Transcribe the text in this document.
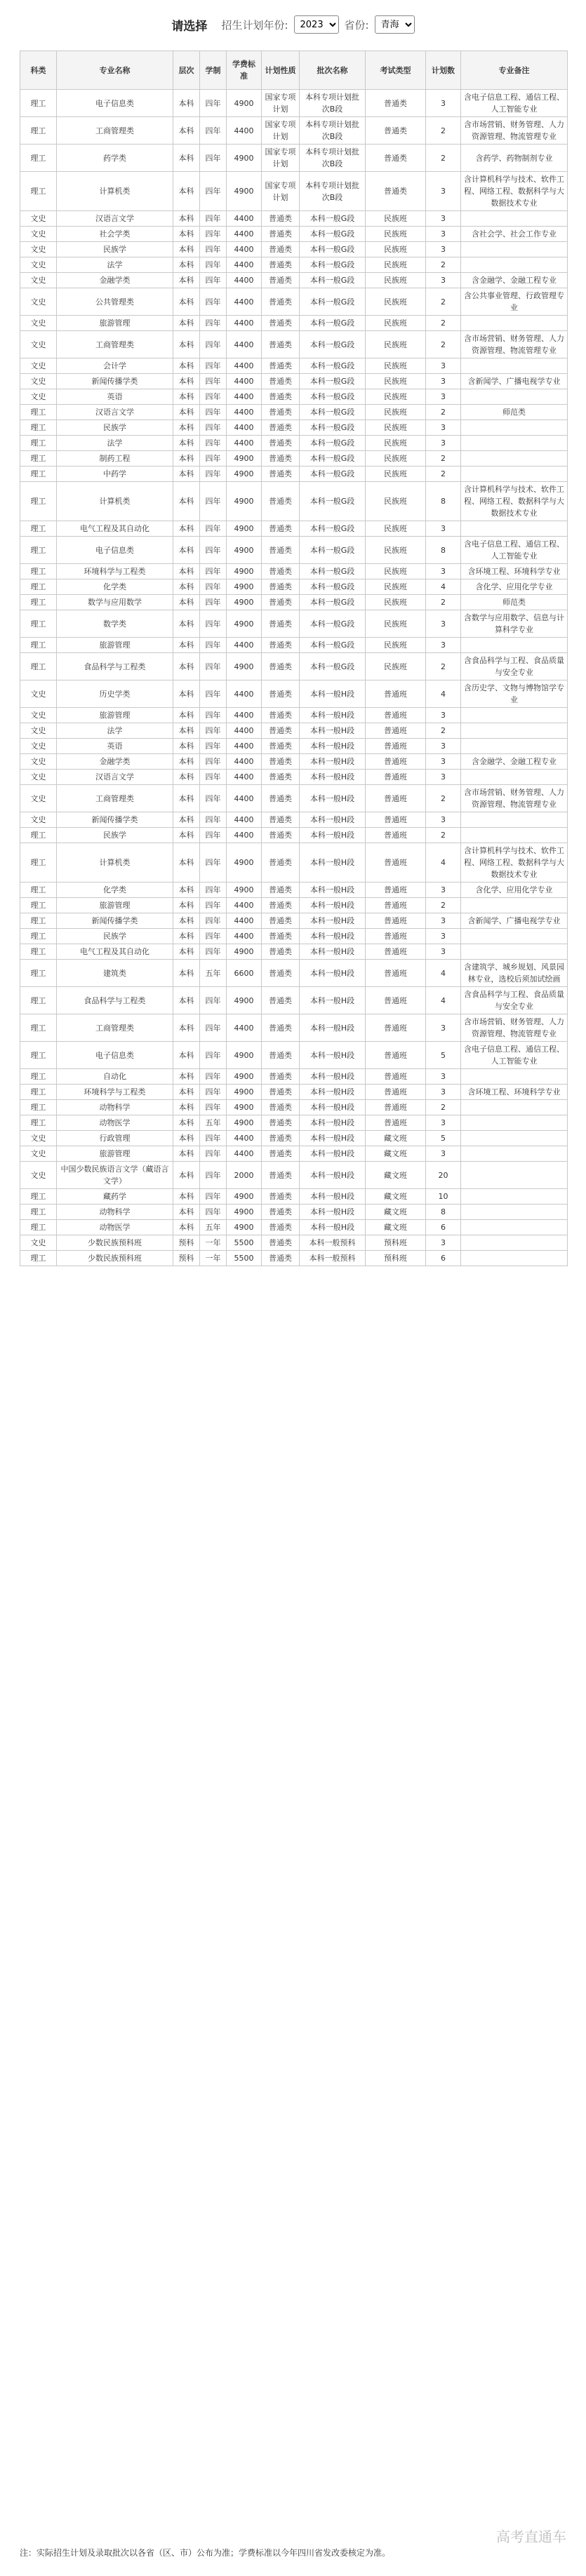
请选择 招生计划年份:
2023	省份:
青海
科类	专业名称	层次	学制	学费标准	计划性质	批次名称	考试类型	计划数	专业备注
理工	电子信息类	本科	四年	4900	国家专项计划	本科专项计划批次B段	普通类	3	含电子信息工程、通信工程、人工智能专业
理工	工商管理类	本科	四年	4400	国家专项计划	本科专项计划批次B段	普通类	2	含市场营销、财务管理、人力资源管理、物流管理专业
理工	药学类	本科	四年	4900	国家专项计划	本科专项计划批次B段	普通类	2	含药学、药物制剂专业
理工	计算机类	本科	四年	4900	国家专项计划	本科专项计划批次B段	普通类	3	含计算机科学与技术、软件工程、网络工程、数据科学与大数据技术专业
文史	汉语言文学	本科	四年	4400	普通类	本科一般G段	民族班	3	
文史	社会学类	本科	四年	4400	普通类	本科一般G段	民族班	3	含社会学、社会工作专业
文史	民族学	本科	四年	4400	普通类	本科一般G段	民族班	3	
文史	法学	本科	四年	4400	普通类	本科一般G段	民族班	2	
文史	金融学类	本科	四年	4400	普通类	本科一般G段	民族班	3	含金融学、金融工程专业
文史	公共管理类	本科	四年	4400	普通类	本科一般G段	民族班	2	含公共事业管理、行政管理专业
文史	旅游管理	本科	四年	4400	普通类	本科一般G段	民族班	2	
文史	工商管理类	本科	四年	4400	普通类	本科一般G段	民族班	2	含市场营销、财务管理、人力资源管理、物流管理专业
文史	会计学	本科	四年	4400	普通类	本科一般G段	民族班	3	
文史	新闻传播学类	本科	四年	4400	普通类	本科一般G段	民族班	3	含新闻学、广播电视学专业
文史	英语	本科	四年	4400	普通类	本科一般G段	民族班	3	
理工	汉语言文学	本科	四年	4400	普通类	本科一般G段	民族班	2	师范类
理工	民族学	本科	四年	4400	普通类	本科一般G段	民族班	3	
理工	法学	本科	四年	4400	普通类	本科一般G段	民族班	3	
理工	制药工程	本科	四年	4900	普通类	本科一般G段	民族班	2	
理工	中药学	本科	四年	4900	普通类	本科一般G段	民族班	2	
理工	计算机类	本科	四年	4900	普通类	本科一般G段	民族班	8	含计算机科学与技术、软件工程、网络工程、数据科学与大数据技术专业
理工	电气工程及其自动化	本科	四年	4900	普通类	本科一般G段	民族班	3	
理工	电子信息类	本科	四年	4900	普通类	本科一般G段	民族班	8	含电子信息工程、通信工程、人工智能专业
理工	环境科学与工程类	本科	四年	4900	普通类	本科一般G段	民族班	3	含环境工程、环境科学专业
理工	化学类	本科	四年	4900	普通类	本科一般G段	民族班	4	含化学、应用化学专业
理工	数学与应用数学	本科	四年	4900	普通类	本科一般G段	民族班	2	师范类
理工	数学类	本科	四年	4900	普通类	本科一般G段	民族班	3	含数学与应用数学、信息与计算科学专业
理工	旅游管理	本科	四年	4400	普通类	本科一般G段	民族班	3	
理工	食品科学与工程类	本科	四年	4900	普通类	本科一般G段	民族班	2	含食品科学与工程、食品质量与安全专业
文史	历史学类	本科	四年	4400	普通类	本科一般H段	普通班	4	含历史学、文物与博物馆学专业
文史	旅游管理	本科	四年	4400	普通类	本科一般H段	普通班	3	
文史	法学	本科	四年	4400	普通类	本科一般H段	普通班	2	
文史	英语	本科	四年	4400	普通类	本科一般H段	普通班	3	
文史	金融学类	本科	四年	4400	普通类	本科一般H段	普通班	3	含金融学、金融工程专业
文史	汉语言文学	本科	四年	4400	普通类	本科一般H段	普通班	3	
文史	工商管理类	本科	四年	4400	普通类	本科一般H段	普通班	2	含市场营销、财务管理、人力资源管理、物流管理专业
文史	新闻传播学类	本科	四年	4400	普通类	本科一般H段	普通班	3	
理工	民族学	本科	四年	4400	普通类	本科一般H段	普通班	2	
理工	计算机类	本科	四年	4900	普通类	本科一般H段	普通班	4	含计算机科学与技术、软件工程、网络工程、数据科学与大数据技术专业
理工	化学类	本科	四年	4900	普通类	本科一般H段	普通班	3	含化学、应用化学专业
理工	旅游管理	本科	四年	4400	普通类	本科一般H段	普通班	2	
理工	新闻传播学类	本科	四年	4400	普通类	本科一般H段	普通班	3	含新闻学、广播电视学专业
理工	民族学	本科	四年	4400	普通类	本科一般H段	普通班	3	
理工	电气工程及其自动化	本科	四年	4900	普通类	本科一般H段	普通班	3	
理工	建筑类	本科	五年	6600	普通类	本科一般H段	普通班	4	含建筑学、城乡规划、风景园林专业，选校后须加试绘画
理工	食品科学与工程类	本科	四年	4900	普通类	本科一般H段	普通班	4	含食品科学与工程、食品质量与安全专业
理工	工商管理类	本科	四年	4400	普通类	本科一般H段	普通班	3	含市场营销、财务管理、人力资源管理、物流管理专业
理工	电子信息类	本科	四年	4900	普通类	本科一般H段	普通班	5	含电子信息工程、通信工程、人工智能专业
理工	自动化	本科	四年	4900	普通类	本科一般H段	普通班	3	
理工	环境科学与工程类	本科	四年	4900	普通类	本科一般H段	普通班	3	含环境工程、环境科学专业
理工	动物科学	本科	四年	4900	普通类	本科一般H段	普通班	2	
理工	动物医学	本科	五年	4900	普通类	本科一般H段	普通班	3	
文史	行政管理	本科	四年	4400	普通类	本科一般H段	藏文班	5	
文史	旅游管理	本科	四年	4400	普通类	本科一般H段	藏文班	3	
文史	中国少数民族语言文学（藏语言文学）	本科	四年	2000	普通类	本科一般H段	藏文班	20	
理工	藏药学	本科	四年	4900	普通类	本科一般H段	藏文班	10	
理工	动物科学	本科	四年	4900	普通类	本科一般H段	藏文班	8	
理工	动物医学	本科	五年	4900	普通类	本科一般H段	藏文班	6	
文史	少数民族预科班	预科	一年	5500	普通类	本科一般预科	预科班	3	
理工	少数民族预科班	预科	一年	5500	普通类	本科一般预科	预科班	6	
高考直通车
注：实际招生计划及录取批次以各省（区、市）公布为准；学费标准以今年四川省发改委核定为准。
